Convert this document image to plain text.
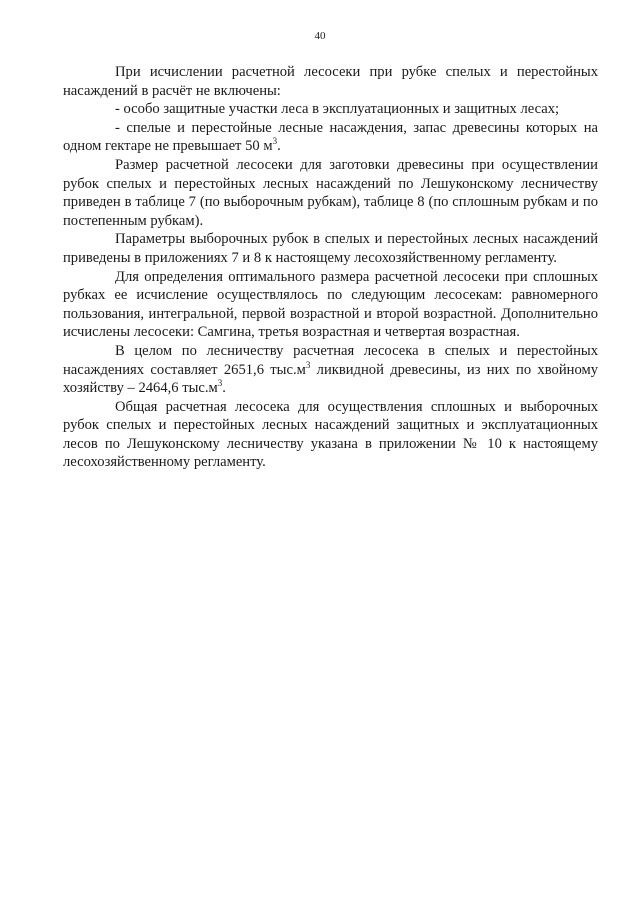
40

При исчислении расчетной лесосеки при рубке спелых и перестойных насаждений в расчёт не включены:

- особо защитные участки леса в эксплуатационных и защитных лесах;

- спелые и перестойные лесные насаждения, запас древесины которых на одном гектаре не превышает 50 $м^3$.

Размер расчетной лесосеки для заготовки древесины при осуществлении рубок спелых и перестойных лесных насаждений по Лешуконскому лесничеству приведен в таблице 7 (по выборочным рубкам), таблице 8 (по сплошным рубкам и по постепенным рубкам).

Параметры выборочных рубок в спелых и перестойных лесных насаждений приведены в приложениях 7 и 8 к настоящему лесохозяйственному регламенту.

Для определения оптимального размера расчетной лесосеки при сплошных рубках ее исчисление осуществлялось по следующим лесосекам: равномерного пользования, интегральной, первой возрастной и второй возрастной. Дополнительно исчислены лесосеки: Самгина, третья возрастная и четвертая возрастная.

В целом по лесничеству расчетная лесосека в спелых и перестойных насаждениях составляет 2651,6 $тыс.м^3$ ликвидной древесины, из них по хвойному хозяйству – 2464,6 $тыс.м^3$.

Общая расчетная лесосека для осуществления сплошных и выборочных рубок спелых и перестойных лесных насаждений защитных и эксплуатационных лесов по Лешуконскому лесничеству указана в приложении № 10 к настоящему лесохозяйственному регламенту.
